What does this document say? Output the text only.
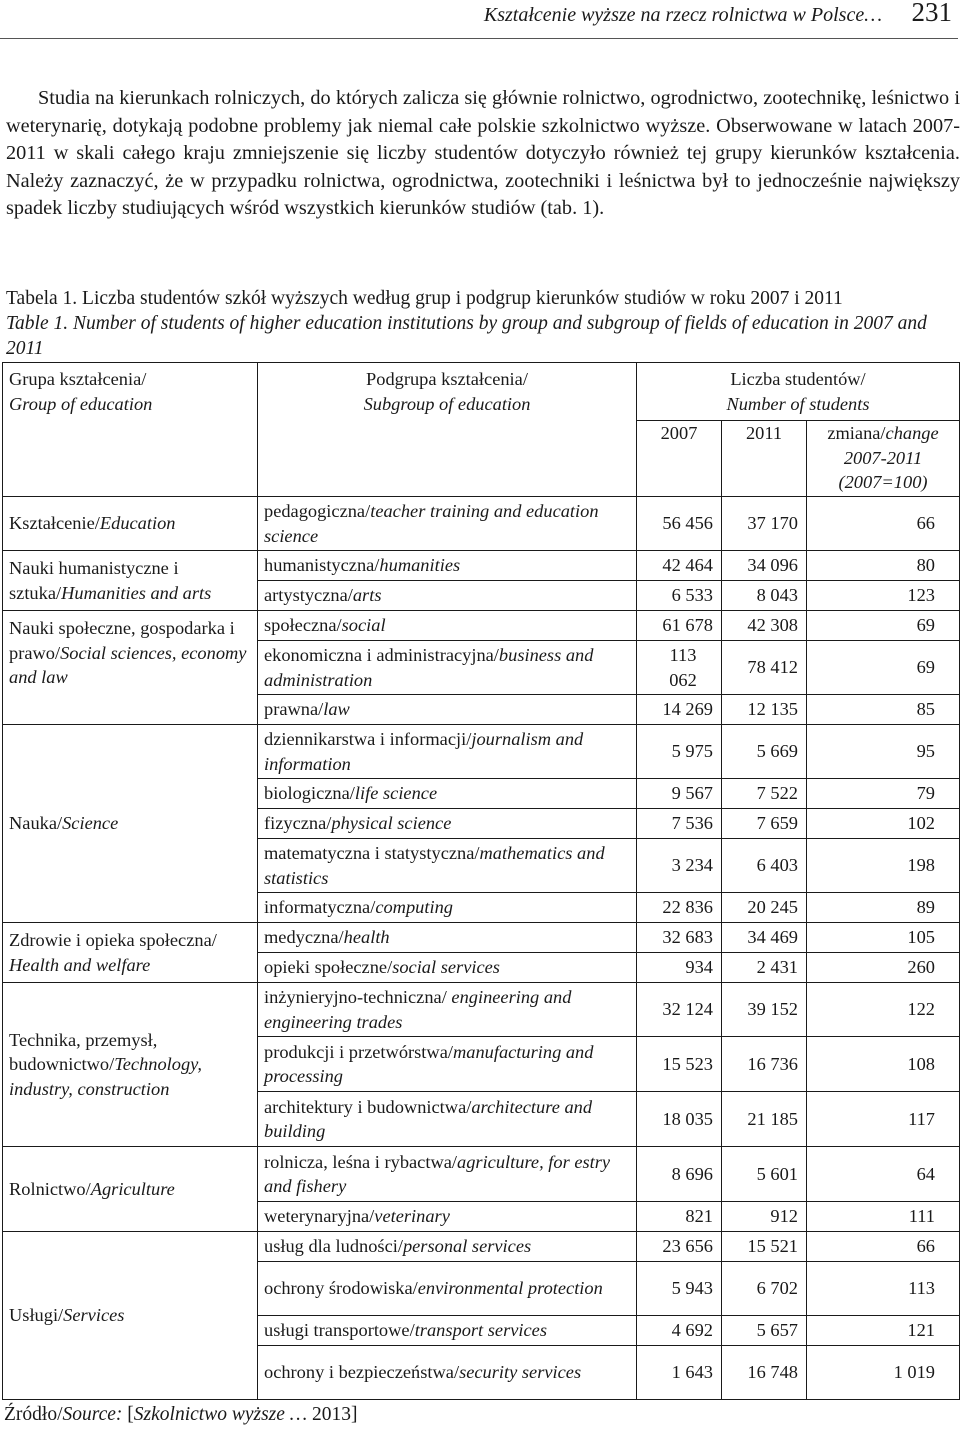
Kształcenie wyższe na rzecz rolnictwa w Polsce… 231

Studia na kierunkach rolniczych, do których zalicza się głównie rolnictwo, ogrodnictwo, zootechnikę, leśnictwo i weterynarię, dotykają podobne problemy jak niemal całe polskie szkolnictwo wyższe. Obserwowane w latach 2007-2011 w skali całego kraju zmniejszenie się liczby studentów dotyczyło również tej grupy kierunków kształcenia. Należy zaznaczyć, że w przypadku rolnictwa, ogrodnictwa, zootechniki i leśnictwa był to jednocześnie największy spadek liczby studiujących wśród wszystkich kierunków studiów (tab. 1).

Tabela 1. Liczba studentów szkół wyższych według grup i podgrup kierunków studiów w roku 2007 i 2011

Table 1. Number of students of higher education institutions by group and subgroup of fields of education in 2007 and 2011

Grupa kształcenia/
Group of education	Podgrupa kształcenia/
Subgroup of education	Liczba studentów/
Number of students		
		2007	2011	zmiana/change
2007-2011
(2007=100)
Kształcenie/Education	pedagogiczna/teacher training and education science	56 456	37 170	66
Nauki humanistyczne i sztuka/Humanities and arts	humanistyczna/humanities	42 464	34 096	80
	artystyczna/arts	6 533	8 043	123
Nauki społeczne, gospodarka i prawo/Social sciences, economy and law	społeczna/social	61 678	42 308	69
	ekonomiczna i administracyjna/business and administration	113 062	78 412	69
	prawna/law	14 269	12 135	85
Nauka/Science	dziennikarstwa i informacji/journalism and information	5 975	5 669	95
	biologiczna/life science	9 567	7 522	79
	fizyczna/physical science	7 536	7 659	102
	matematyczna i statystyczna/mathematics and statistics	3 234	6 403	198
	informatyczna/computing	22 836	20 245	89
Zdrowie i opieka społeczna/
Health and welfare	medyczna/health	32 683	34 469	105
	opieki społeczne/social services	934	2 431	260
Technika, przemysł, budownictwo/Technology, industry, construction	inżynieryjno-techniczna/ engineering and engineering trades	32 124	39 152	122
	produkcji i przetwórstwa/manufacturing and processing	15 523	16 736	108
	architektury i budownictwa/architecture and building	18 035	21 185	117
Rolnictwo/Agriculture	rolnicza, leśna i rybactwa/agriculture, for estry and fishery	8 696	5 601	64
	weterynaryjna/veterinary	821	912	111
Usługi/Services	usług dla ludności/personal services	23 656	15 521	66
	ochrony środowiska/environmental protection	5 943	6 702	113
	usługi transportowe/transport services	4 692	5 657	121
	ochrony i bezpieczeństwa/security services	1 643	16 748	1 019

Źródło/Source: [Szkolnictwo wyższe … 2013]
